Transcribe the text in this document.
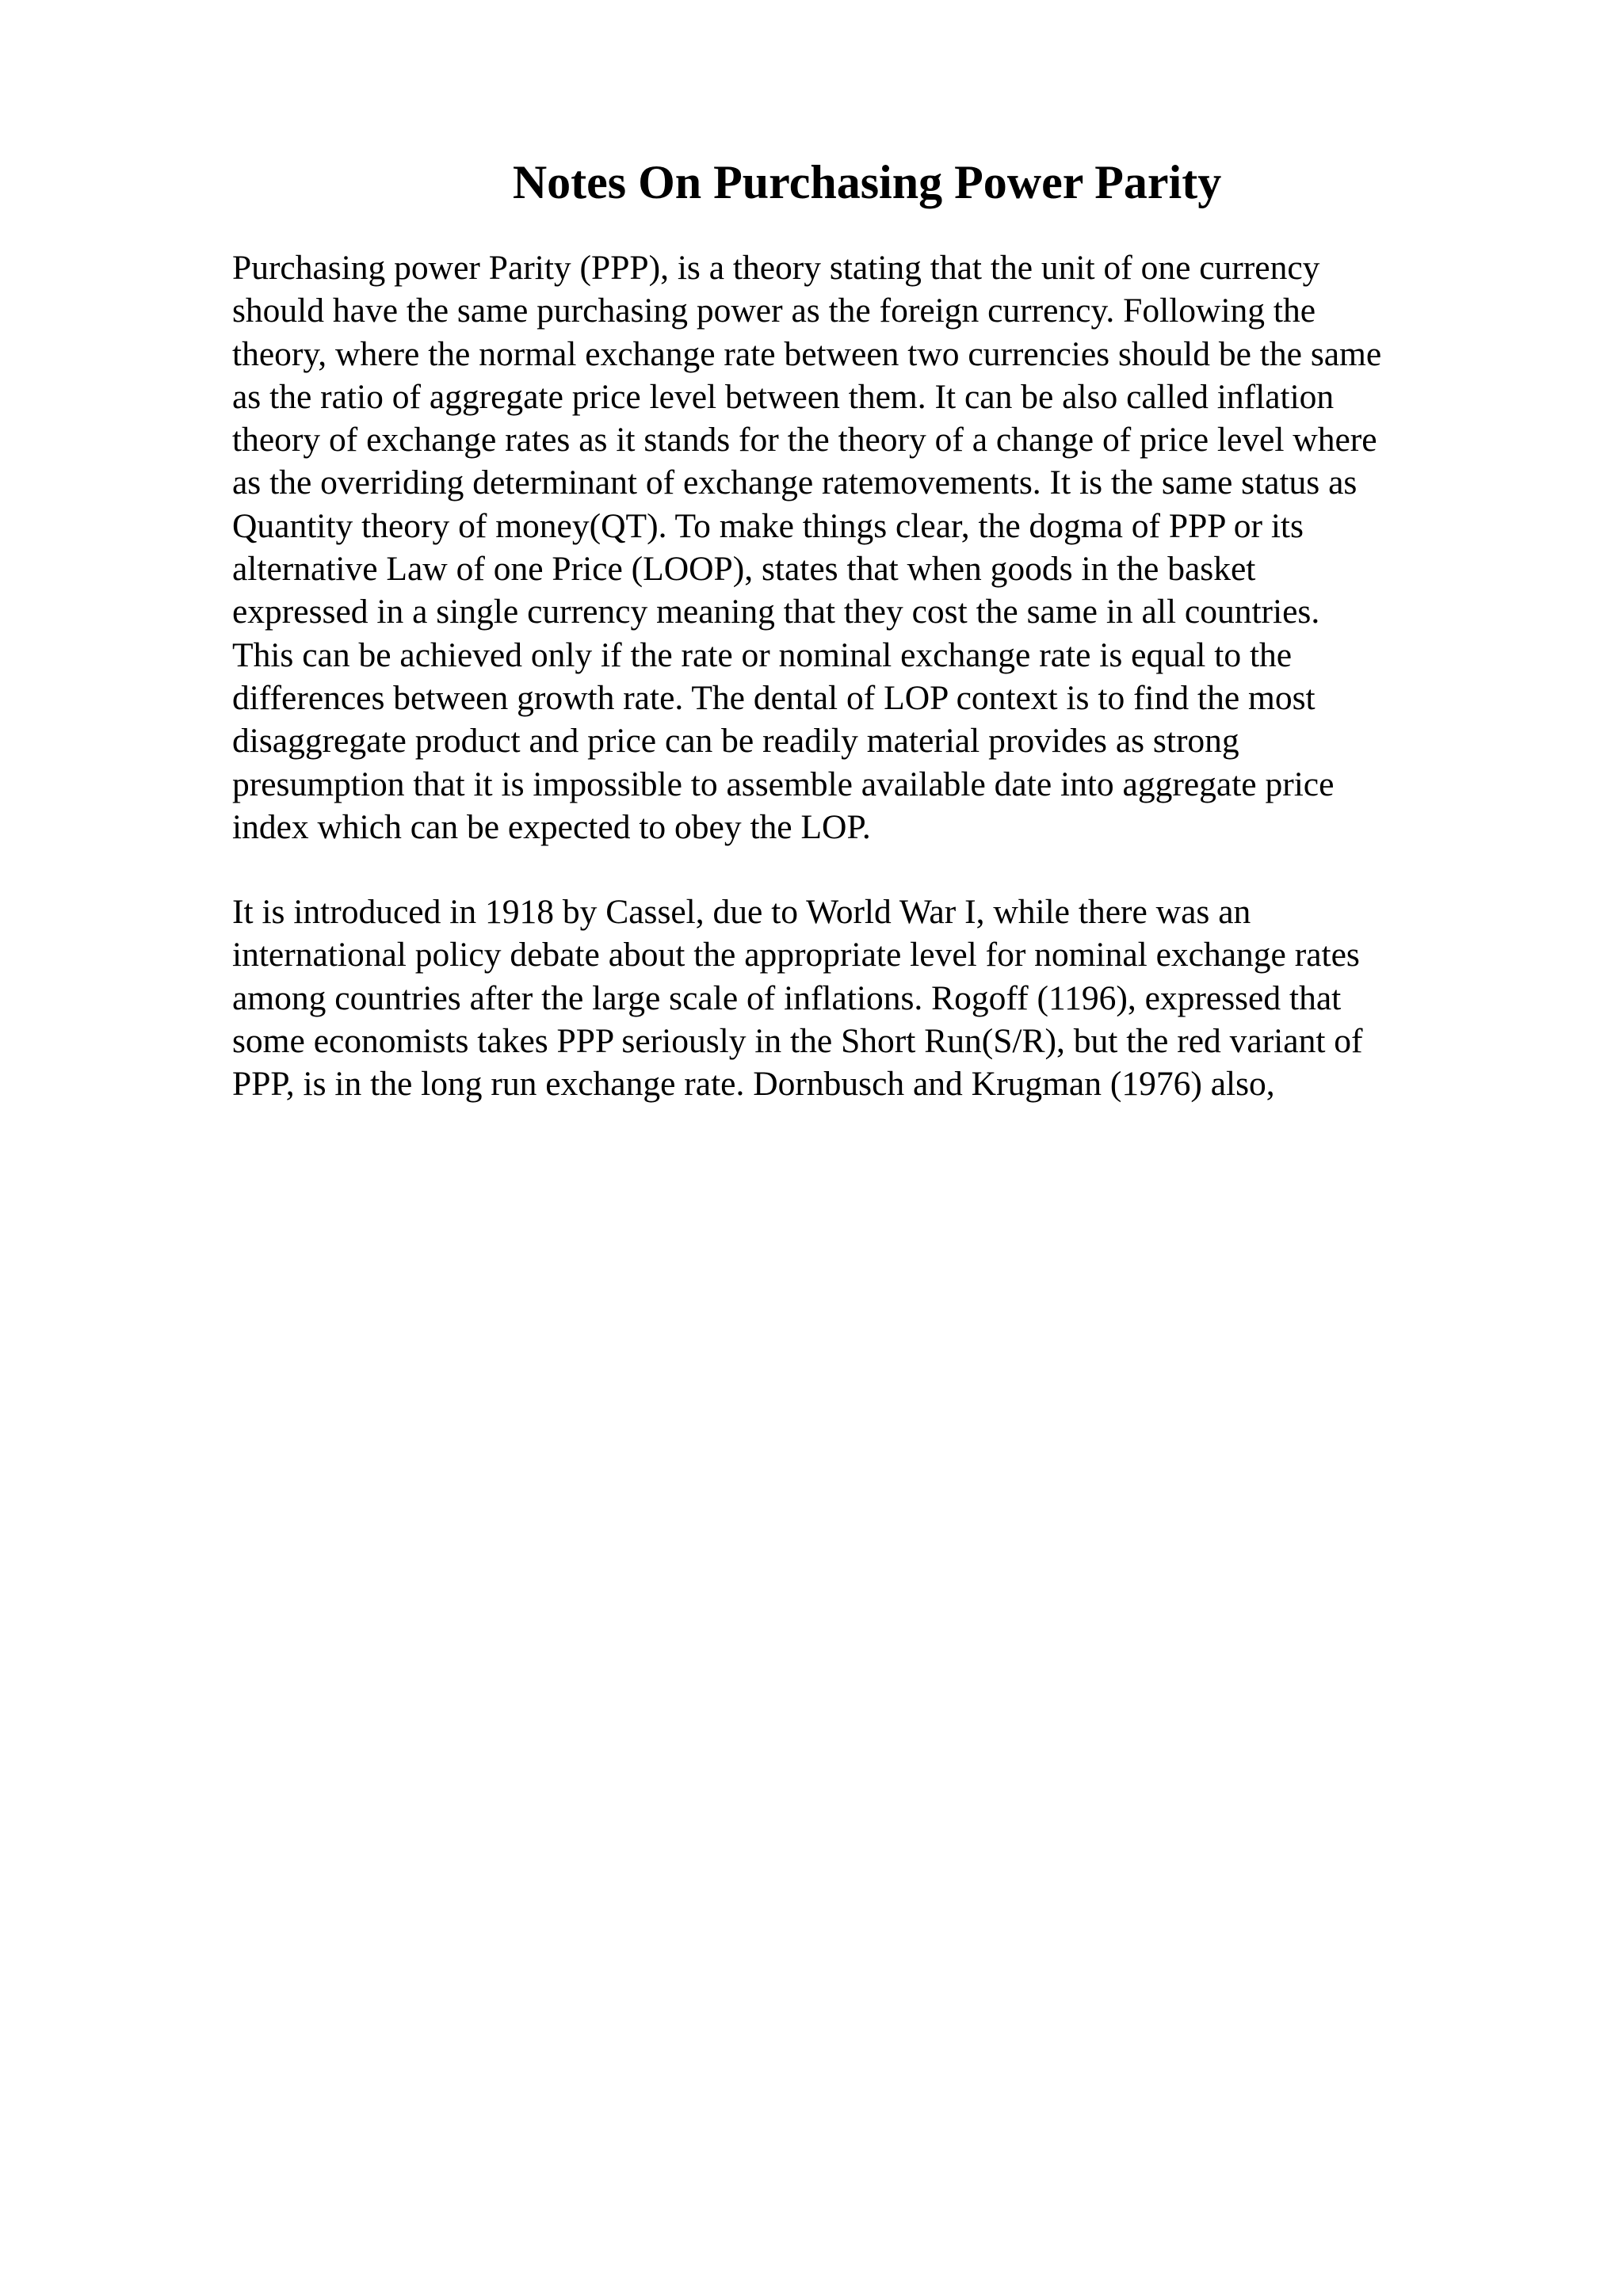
Notes On Purchasing Power Parity
Purchasing power Parity (PPP), is a theory stating that the unit of one currency
should have the same purchasing power as the foreign currency. Following the
theory, where the normal exchange rate between two currencies should be the same
as the ratio of aggregate price level between them. It can be also called inflation
theory of exchange rates as it stands for the theory of a change of price level where
as the overriding determinant of exchange ratemovements. It is the same status as
Quantity theory of money(QT). To make things clear, the dogma of PPP or its
alternative Law of one Price (LOOP), states that when goods in the basket
expressed in a single currency meaning that they cost the same in all countries.
This can be achieved only if the rate or nominal exchange rate is equal to the
differences between growth rate. The dental of LOP context is to find the most
disaggregate product and price can be readily material provides as strong
presumption that it is impossible to assemble available date into aggregate price
index which can be expected to obey the LOP.
It is introduced in 1918 by Cassel, due to World War I, while there was an
international policy debate about the appropriate level for nominal exchange rates
among countries after the large scale of inflations. Rogoff (1196), expressed that
some economists takes PPP seriously in the Short Run(S/R), but the red variant of
PPP, is in the long run exchange rate. Dornbusch and Krugman (1976) also,
